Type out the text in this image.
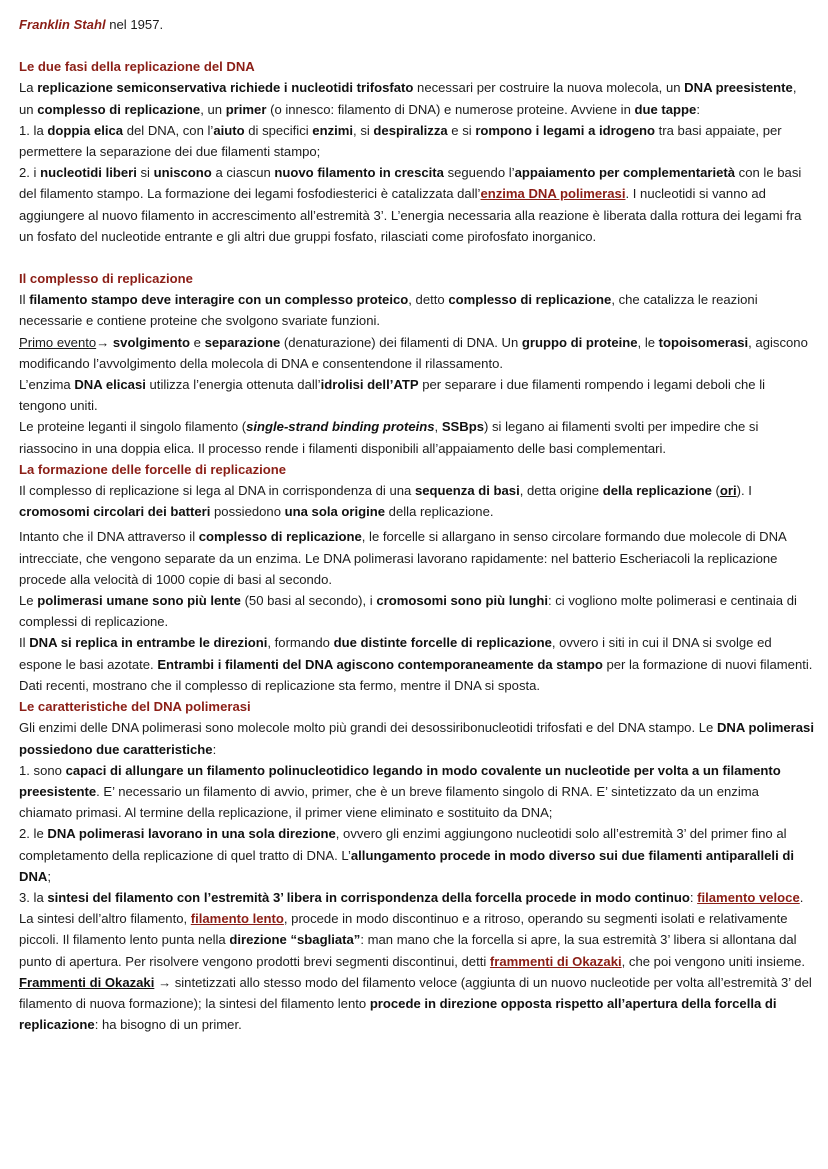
Franklin Stahl nel 1957.

Le due fasi della replicazione del DNA

La replicazione semiconservativa richiede i nucleotidi trifosfato necessari per costruire la nuova molecola, un DNA preesistente, un complesso di replicazione, un primer (o innesco: filamento di DNA) e numerose proteine. Avviene in due tappe:

1. la doppia elica del DNA, con l’aiuto di specifici enzimi, si despiralizza e si rompono i legami a idrogeno tra basi appaiate, per permettere la separazione dei due filamenti stampo;

2. i nucleotidi liberi si uniscono a ciascun nuovo filamento in crescita seguendo l’appaiamento per complementarietà con le basi del filamento stampo. La formazione dei legami fosfodiesterici è catalizzata dall’enzima DNA polimerasi. I nucleotidi si vanno ad aggiungere al nuovo filamento in accrescimento all’estremità 3’. L’energia necessaria alla reazione è liberata dalla rottura dei legami fra un fosfato del nucleotide entrante e gli altri due gruppi fosfato, rilasciati come pirofosfato inorganico.

Il complesso di replicazione

Il filamento stampo deve interagire con un complesso proteico, detto complesso di replicazione, che catalizza le reazioni necessarie e contiene proteine che svolgono svariate funzioni.

Primo evento→ svolgimento e separazione (denaturazione) dei filamenti di DNA. Un gruppo di proteine, le topoisomerasi, agiscono modificando l’avvolgimento della molecola di DNA e consentendone il rilassamento.

L’enzima DNA elicasi utilizza l’energia ottenuta dall’idrolisi dell’ATP per separare i due filamenti rompendo i legami deboli che li tengono uniti.

Le proteine leganti il singolo filamento (single-strand binding proteins, SSBps) si legano ai filamenti svolti per impedire che si riassocino in una doppia elica. Il processo rende i filamenti disponibili all’appaiamento delle basi complementari.

La formazione delle forcelle di replicazione

Il complesso di replicazione si lega al DNA in corrispondenza di una sequenza di basi, detta origine della replicazione (ori). I cromosomi circolari dei batteri possiedono una sola origine della replicazione.

Intanto che il DNA attraverso il complesso di replicazione, le forcelle si allargano in senso circolare formando due molecole di DNA intrecciate, che vengono separate da un enzima. Le DNA polimerasi lavorano rapidamente: nel batterio Escheriacoli la replicazione procede alla velocità di 1000 copie di basi al secondo.

Le polimerasi umane sono più lente (50 basi al secondo), i cromosomi sono più lunghi: ci vogliono molte polimerasi e centinaia di complessi di replicazione.

Il DNA si replica in entrambe le direzioni, formando due distinte forcelle di replicazione, ovvero i siti in cui il DNA si svolge ed espone le basi azotate. Entrambi i filamenti del DNA agiscono contemporaneamente da stampo per la formazione di nuovi filamenti.

Dati recenti, mostrano che il complesso di replicazione sta fermo, mentre il DNA si sposta.

Le caratteristiche del DNA polimerasi

Gli enzimi delle DNA polimerasi sono molecole molto più grandi dei desossiribonucleotidi trifosfati e del DNA stampo. Le DNA polimerasi possiedono due caratteristiche:

1. sono capaci di allungare un filamento polinucleotidico legando in modo covalente un nucleotide per volta a un filamento preesistente. E’ necessario un filamento di avvio, primer, che è un breve filamento singolo di RNA. E’ sintetizzato da un enzima chiamato primasi. Al termine della replicazione, il primer viene eliminato e sostituito da DNA;

2. le DNA polimerasi lavorano in una sola direzione, ovvero gli enzimi aggiungono nucleotidi solo all’estremità 3’ del primer fino al completamento della replicazione di quel tratto di DNA. L’allungamento procede in modo diverso sui due filamenti antiparalleli di DNA;

3. la sintesi del filamento con l’estremità 3’ libera in corrispondenza della forcella procede in modo continuo: filamento veloce. La sintesi dell’altro filamento, filamento lento, procede in modo discontinuo e a ritroso, operando su segmenti isolati e relativamente piccoli. Il filamento lento punta nella direzione “sbagliata”: man mano che la forcella si apre, la sua estremità 3’ libera si allontana dal punto di apertura. Per risolvere vengono prodotti brevi segmenti discontinui, detti frammenti di Okazaki, che poi vengono uniti insieme.

Frammenti di Okazaki → sintetizzati allo stesso modo del filamento veloce (aggiunta di un nuovo nucleotide per volta all’estremità 3’ del filamento di nuova formazione); la sintesi del filamento lento procede in direzione opposta rispetto all’apertura della forcella di replicazione: ha bisogno di un primer.
